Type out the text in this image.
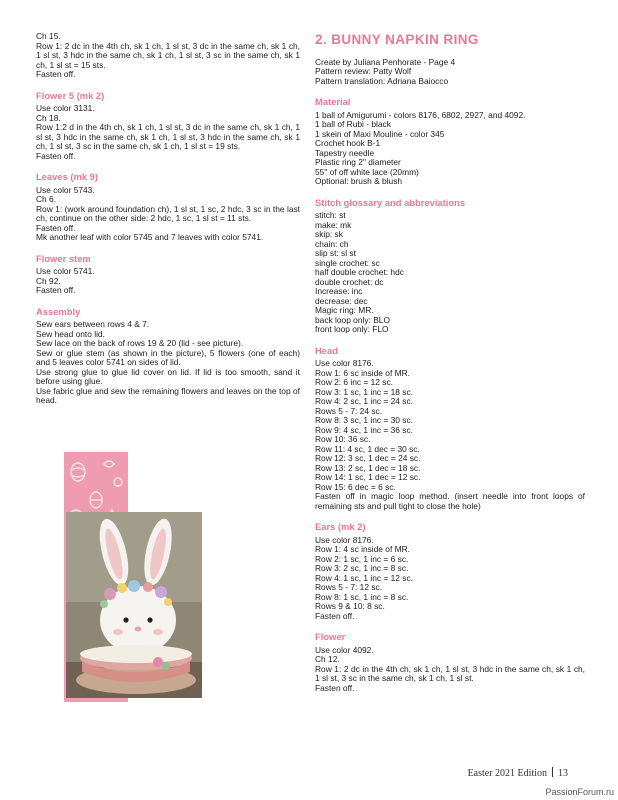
Ch 15.
Row 1: 2 dc in the 4th ch, sk 1 ch, 1 sl st, 3 dc in the same ch, sk 1 ch, 1 sl st, 3 hdc in the same ch, sk 1 ch, 1 sl st, 3 sc in the same ch, sk 1 ch, 1 sl st = 15 sts.
Fasten off.
Flower 5 (mk 2)
Use color 3131.
Ch 18.
Row 1:2 d in the 4th ch, sk 1 ch, 1 sl st, 3 dc in the same ch, sk 1 ch, 1 sl st, 3 hdc in the same ch, sk 1 ch, 1 sl st, 3 hdc in the same ch, sk 1 ch, 1 sl st, 3 sc in the same ch, sk 1 ch, 1 sl st = 19 sts.
Fasten off.
Leaves (mk 9)
Use color 5743.
Ch 6.
Row 1: (work around foundation ch), 1 sl st, 1 sc, 2 hdc, 3 sc in the last ch, continue on the other side: 2 hdc, 1 sc, 1 sl st = 11 sts.
Fasten off.
Mk another leaf with color 5745 and 7 leaves with color 5741.
Flower stem
Use color 5741.
Ch 92.
Fasten off.
Assembly
Sew ears between rows 4 & 7.
Sew head onto lid.
Sew lace on the back of rows 19 & 20 (lid - see picture).
Sew or glue stem (as shown in the picture), 5 flowers (one of each) and 5 leaves color 5741 on sides of lid.
Use strong glue to glue lid cover on lid. If lid is too smooth, sand it before using glue.
Use fabric glue and sew the remaining flowers and leaves on the top of head.
2. BUNNY NAPKIN RING
Create by Juliana Penhorate - Page 4
Pattern review: Patty Wolf
Pattern translation: Adriana Baiocco
Material
1 ball of Amigurumi - colors 8176, 6802, 2927, and 4092.
1 ball of Rubi - black
1 skein of Maxi Mouline - color 345
Crochet hook B-1
Tapestry needle
Plastic ring 2" diameter
55" of off white lace (20mm)
Optional: brush & blush
Stitch glossary and abbreviations
stitch: st
make: mk
skip: sk
chain: ch
slip st: sl st
single crochet: sc
half double crochet: hdc
double crochet: dc
Increase: inc
decrease: dec
Magic ring: MR.
back loop only: BLO
front loop only: FLO
Head
Use color 8176.
Row 1: 6 sc inside of MR.
Row 2: 6 inc = 12 sc.
Row 3: 1 sc, 1 inc = 18 sc.
Row 4: 2 sc, 1 inc = 24 sc.
Rows 5 - 7: 24 sc.
Row 8: 3 sc, 1 inc = 30 sc.
Row 9: 4 sc, 1 inc = 36 sc.
Row 10: 36 sc.
Row 11: 4 sc, 1 dec = 30 sc.
Row 12: 3 sc, 1 dec = 24 sc.
Row 13: 2 sc, 1 dec = 18 sc.
Row 14: 1 sc, 1 dec = 12 sc.
Row 15: 6 dec = 6 sc.
Fasten off in magic loop method. (insert needle into front loops of remaining sts and pull tight to close the hole)
Ears (mk 2)
Use color 8176.
Row 1: 4 sc inside of MR.
Row 2: 1 sc, 1 inc = 6 sc.
Row 3: 2 sc, 1 inc = 8 sc.
Row 4: 1 sc, 1 inc = 12 sc.
Rows 5 - 7: 12 sc.
Row 8: 1 sc, 1 inc = 8 sc.
Rows 9 & 10: 8 sc.
Fasten off.
Flower
Use color 4092.
Ch 12.
Row 1: 2 dc in the 4th ch, sk 1 ch, 1 sl st, 3 hdc in the same ch, sk 1 ch, 1 sl st, 3 sc in the same ch, sk 1 ch, 1 sl st.
Fasten off.
Easter 2021 Edition 13
PassionForum.ru
